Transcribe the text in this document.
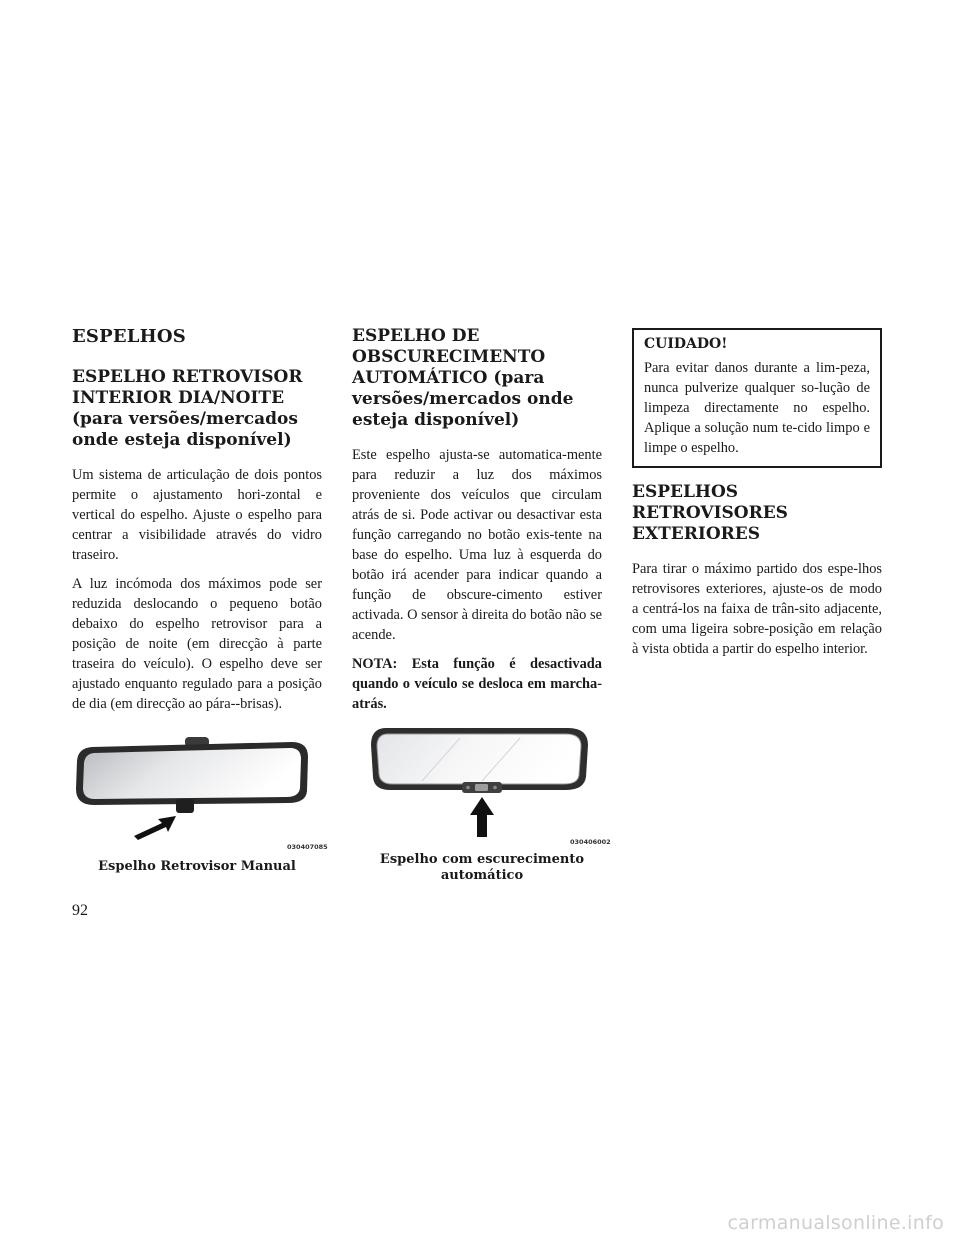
ESPELHOS
ESPELHO RETROVISOR INTERIOR DIA/NOITE (para versões/mercados onde esteja disponível)

Um sistema de articulação de dois pontos permite o ajustamento hori-zontal e vertical do espelho. Ajuste o espelho para centrar a visibilidade através do vidro traseiro.

A luz incómoda dos máximos pode ser reduzida deslocando o pequeno botão debaixo do espelho retrovisor para a posição de noite (em direcção à parte traseira do veículo). O espelho deve ser ajustado enquanto regulado para a posição de dia (em direcção ao pára--brisas).

ESPELHO DE OBSCURECIMENTO AUTOMÁTICO (para versões/mercados onde esteja disponível)

Este espelho ajusta-se automatica-mente para reduzir a luz dos máximos proveniente dos veículos que circulam atrás de si. Pode activar ou desactivar esta função carregando no botão exis-tente na base do espelho. Uma luz à esquerda do botão irá acender para indicar quando a função de obscure-cimento estiver activada. O sensor à direita do botão não se acende.

NOTA: Esta função é desactivada quando o veículo se desloca em marcha-atrás.

CUIDADO!

Para evitar danos durante a lim-peza, nunca pulverize qualquer so-lução de limpeza directamente no espelho. Aplique a solução num te-cido limpo e limpe o espelho.

ESPELHOS RETROVISORES EXTERIORES

Para tirar o máximo partido dos espe-lhos retrovisores exteriores, ajuste-os de modo a centrá-los na faixa de trân-sito adjacente, com uma ligeira sobre-posição em relação à vista obtida a partir do espelho interior.

030407085
Espelho Retrovisor Manual
030406002
Espelho com escurecimento
automático
92
carmanualsonline.info
